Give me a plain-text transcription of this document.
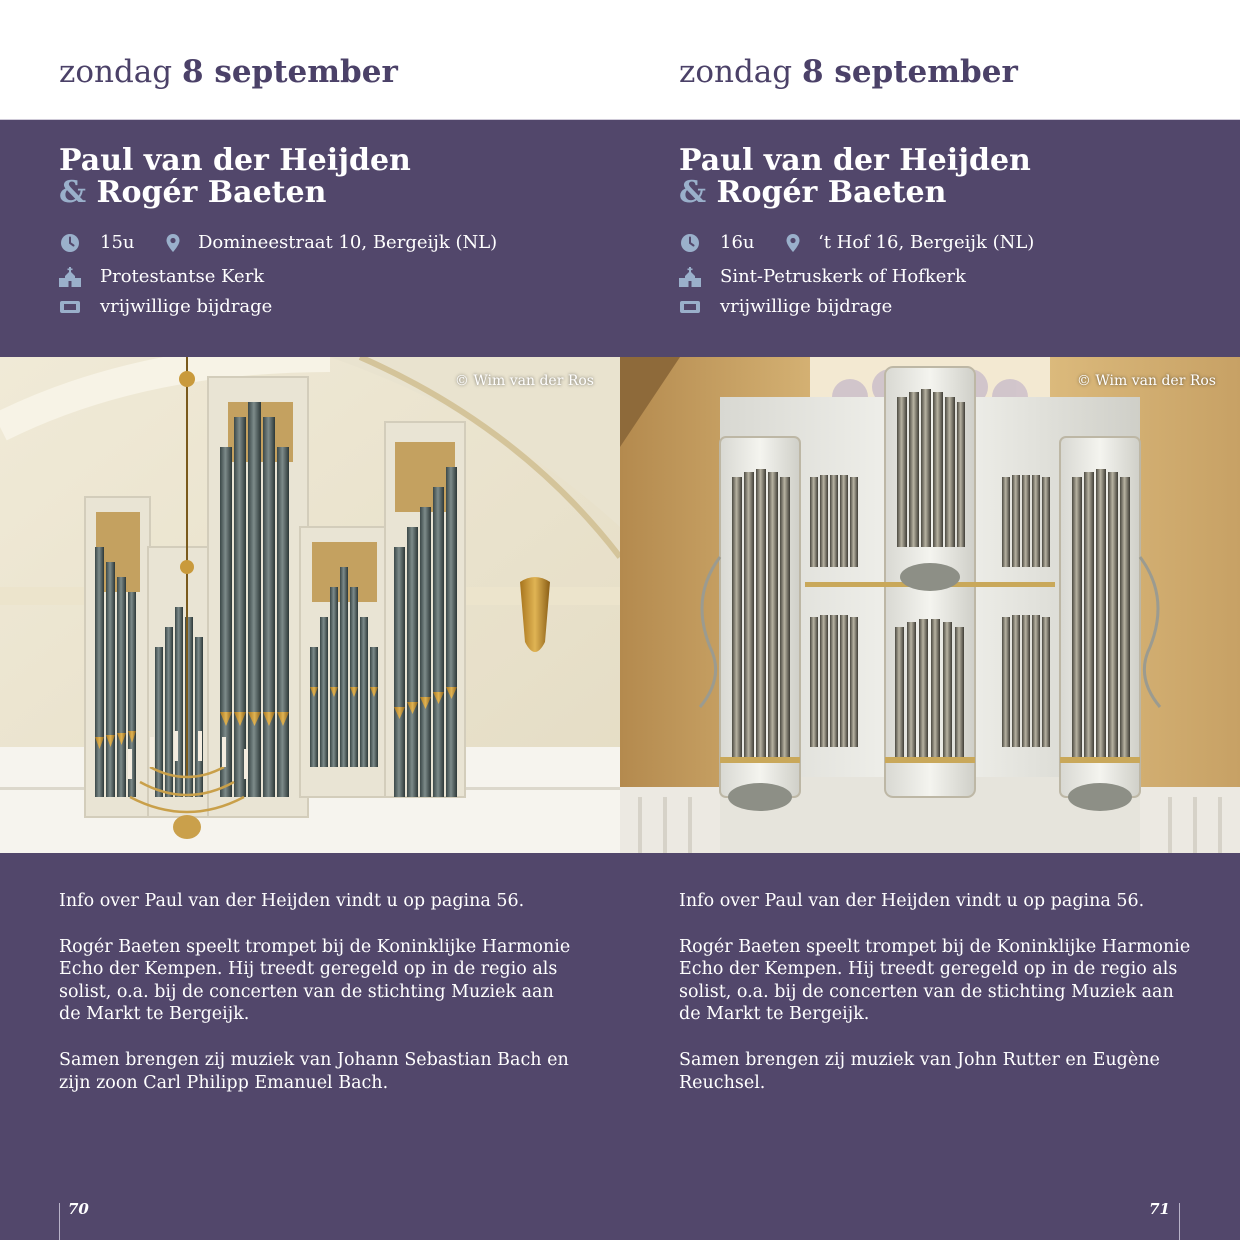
zondag 8 september
Paul van der Heijden
& Rogér Baeten
15u	Domineestraat 10, Bergeijk (NL)
Protestantse Kerk
vrijwillige bijdrage
© Wim van der Ros

Info over Paul van der Heijden vindt u op pagina 56.

Rogér Baeten speelt trompet bij de Koninklijke Harmonie Echo der Kempen. Hij treedt geregeld op in de regio als solist, o.a. bij de concerten van de stichting Muziek aan de Markt te Bergeijk.

Samen brengen zij muziek van Johann Sebastian Bach en zijn zoon Carl Philipp Emanuel Bach.

70
zondag 8 september
Paul van der Heijden
& Rogér Baeten
16u	‘t Hof 16, Bergeijk (NL)
Sint-Petruskerk of Hofkerk
vrijwillige bijdrage
© Wim van der Ros

Info over Paul van der Heijden vindt u op pagina 56.

Rogér Baeten speelt trompet bij de Koninklijke Harmonie Echo der Kempen. Hij treedt geregeld op in de regio als solist, o.a. bij de concerten van de stichting Muziek aan de Markt te Bergeijk.

Samen brengen zij muziek van John Rutter en Eugène Reuchsel.

71
